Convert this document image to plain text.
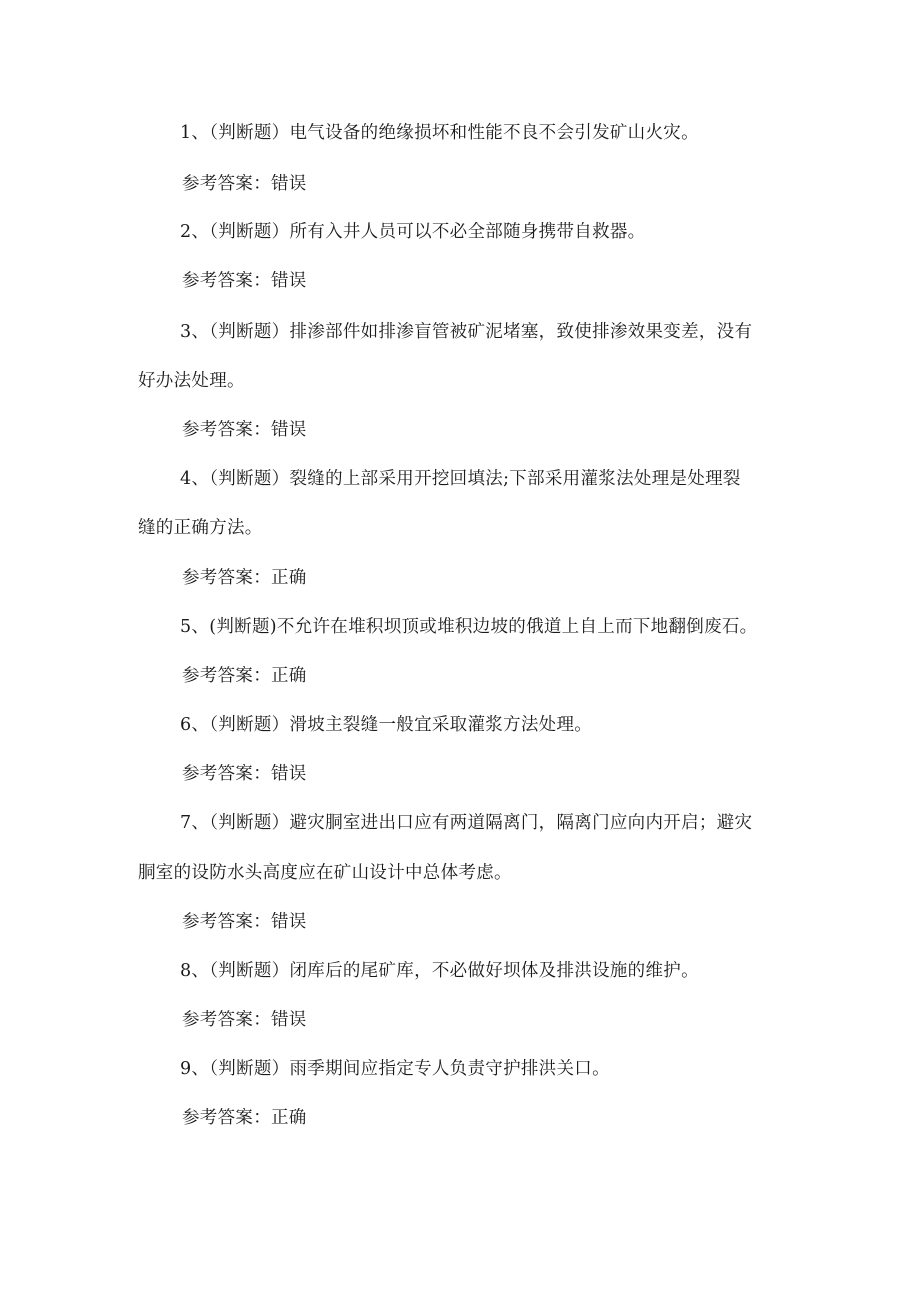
1、（判断题）电气设备的绝缘损坏和性能不良不会引发矿山火灾。
参考答案：错误
2、（判断题）所有入井人员可以不必全部随身携带自救器。
参考答案：错误
3、（判断题）排渗部件如排渗盲管被矿泥堵塞，致使排渗效果变差，没有
好办法处理。
参考答案：错误
4、（判断题）裂缝的上部采用开挖回填法;下部采用灌浆法处理是处理裂
缝的正确方法。
参考答案：正确
5、(判断题)不允许在堆积坝顶或堆积边坡的俄道上自上而下地翻倒废石。
参考答案：正确
6、（判断题）滑坡主裂缝一般宜采取灌浆方法处理。
参考答案：错误
7、（判断题）避灾胴室进出口应有两道隔离门，隔离门应向内开启；避灾
胴室的设防水头高度应在矿山设计中总体考虑。
参考答案：错误
8、（判断题）闭库后的尾矿库，不必做好坝体及排洪设施的维护。
参考答案：错误
9、（判断题）雨季期间应指定专人负责守护排洪关口。
参考答案：正确
